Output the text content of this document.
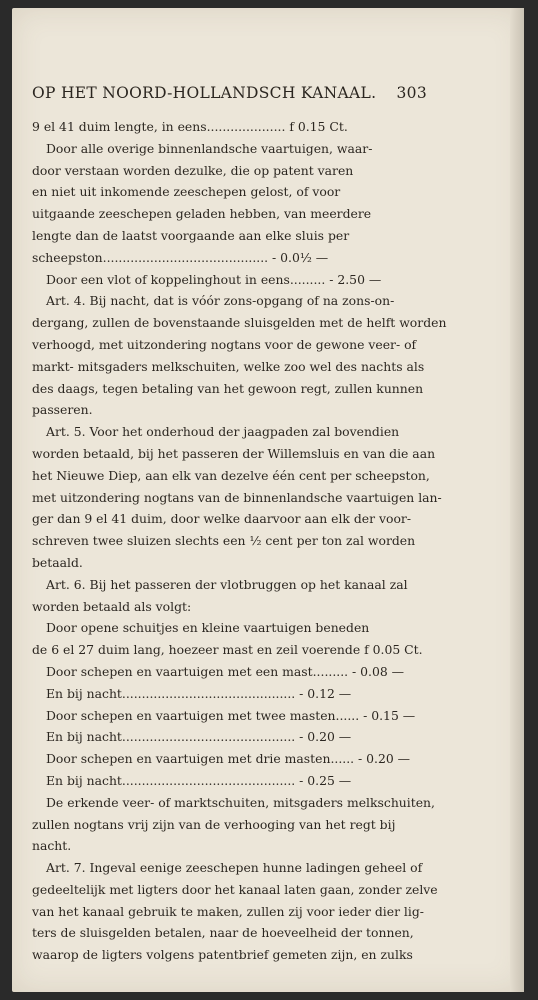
OP HET NOORD-HOLLANDSCH KANAAL. 303
9 el 41 duim lengte, in eens.................... f 0.15 Ct.
Door alle overige binnenlandsche vaartuigen, waar-
door verstaan worden dezulke, die op patent varen
en niet uit inkomende zeeschepen gelost, of voor
uitgaande zeeschepen geladen hebben, van meerdere
lengte dan de laatst voorgaande aan elke sluis per
scheepston.......................................... - 0.0½ —
Door een vlot of koppelinghout in eens......... - 2.50 —
Art. 4. Bij nacht, dat is vóór zons-opgang of na zons-on-
dergang, zullen de bovenstaande sluisgelden met de helft worden
verhoogd, met uitzondering nogtans voor de gewone veer- of
markt- mitsgaders melkschuiten, welke zoo wel des nachts als
des daags, tegen betaling van het gewoon regt, zullen kunnen
passeren.
Art. 5. Voor het onderhoud der jaagpaden zal bovendien
worden betaald, bij het passeren der Willemsluis en van die aan
het Nieuwe Diep, aan elk van dezelve één cent per scheepston,
met uitzondering nogtans van de binnenlandsche vaartuigen lan-
ger dan 9 el 41 duim, door welke daarvoor aan elk der voor-
schreven twee sluizen slechts een ½ cent per ton zal worden
betaald.
Art. 6. Bij het passeren der vlotbruggen op het kanaal zal
worden betaald als volgt:
Door opene schuitjes en kleine vaartuigen beneden
de 6 el 27 duim lang, hoezeer mast en zeil voerende f 0.05 Ct.
Door schepen en vaartuigen met een mast......... - 0.08 —
En bij nacht............................................ - 0.12 —
Door schepen en vaartuigen met twee masten...... - 0.15 —
En bij nacht............................................ - 0.20 —
Door schepen en vaartuigen met drie masten...... - 0.20 —
En bij nacht............................................ - 0.25 —
De erkende veer- of marktschuiten, mitsgaders melkschuiten,
zullen nogtans vrij zijn van de verhooging van het regt bij
nacht.
Art. 7. Ingeval eenige zeeschepen hunne ladingen geheel of
gedeeltelijk met ligters door het kanaal laten gaan, zonder zelve
van het kanaal gebruik te maken, zullen zij voor ieder dier lig-
ters de sluisgelden betalen, naar de hoeveelheid der tonnen,
waarop de ligters volgens patentbrief gemeten zijn, en zulks
